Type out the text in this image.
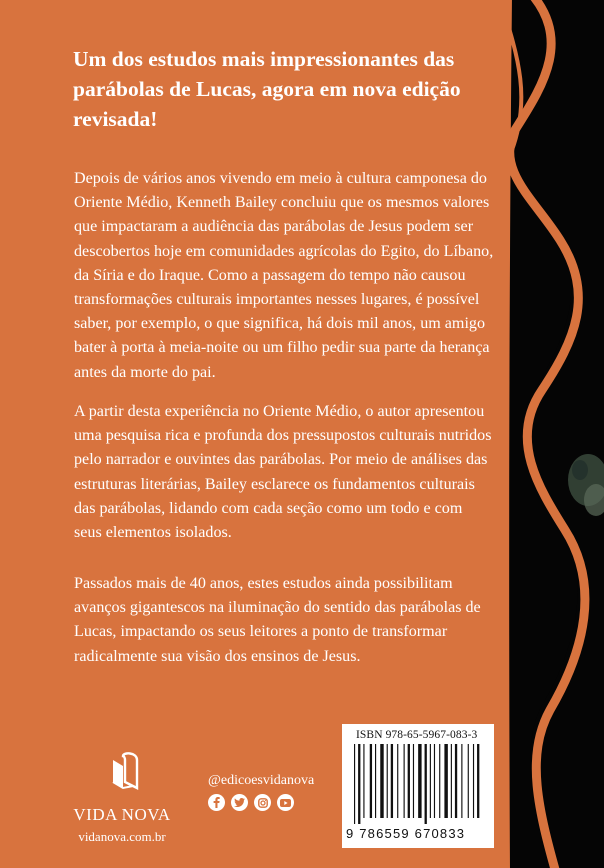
Um dos estudos mais impressionantes das parábolas de Lucas, agora em nova edição revisada!

Depois de vários anos vivendo em meio à cultura camponesa do Oriente Médio, Kenneth Bailey concluiu que os mesmos valores que impactaram a audiência das parábolas de Jesus podem ser descobertos hoje em comunidades agrícolas do Egito, do Líbano, da Síria e do Iraque. Como a passagem do tempo não causou transformações culturais importantes nesses lugares, é possível saber, por exemplo, o que significa, há dois mil anos, um amigo bater à porta à meia-noite ou um filho pedir sua parte da herança antes da morte do pai.

A partir desta experiência no Oriente Médio, o autor apresentou uma pesquisa rica e profunda dos pressupostos culturais nutridos pelo narrador e ouvintes das parábolas. Por meio de análises das estruturas literárias, Bailey esclarece os fundamentos culturais das parábolas, lidando com cada seção como um todo e com seus elementos isolados.

Passados mais de 40 anos, estes estudos ainda possibilitam avanços gigantescos na iluminação do sentido das parábolas de Lucas, impactando os seus leitores a ponto de transformar radicalmente sua visão dos ensinos de Jesus.

VIDA NOVA
vidanova.com.br
@edicoesvidanova
ISBN 978-65-5967-083-3
9 786559 670833
